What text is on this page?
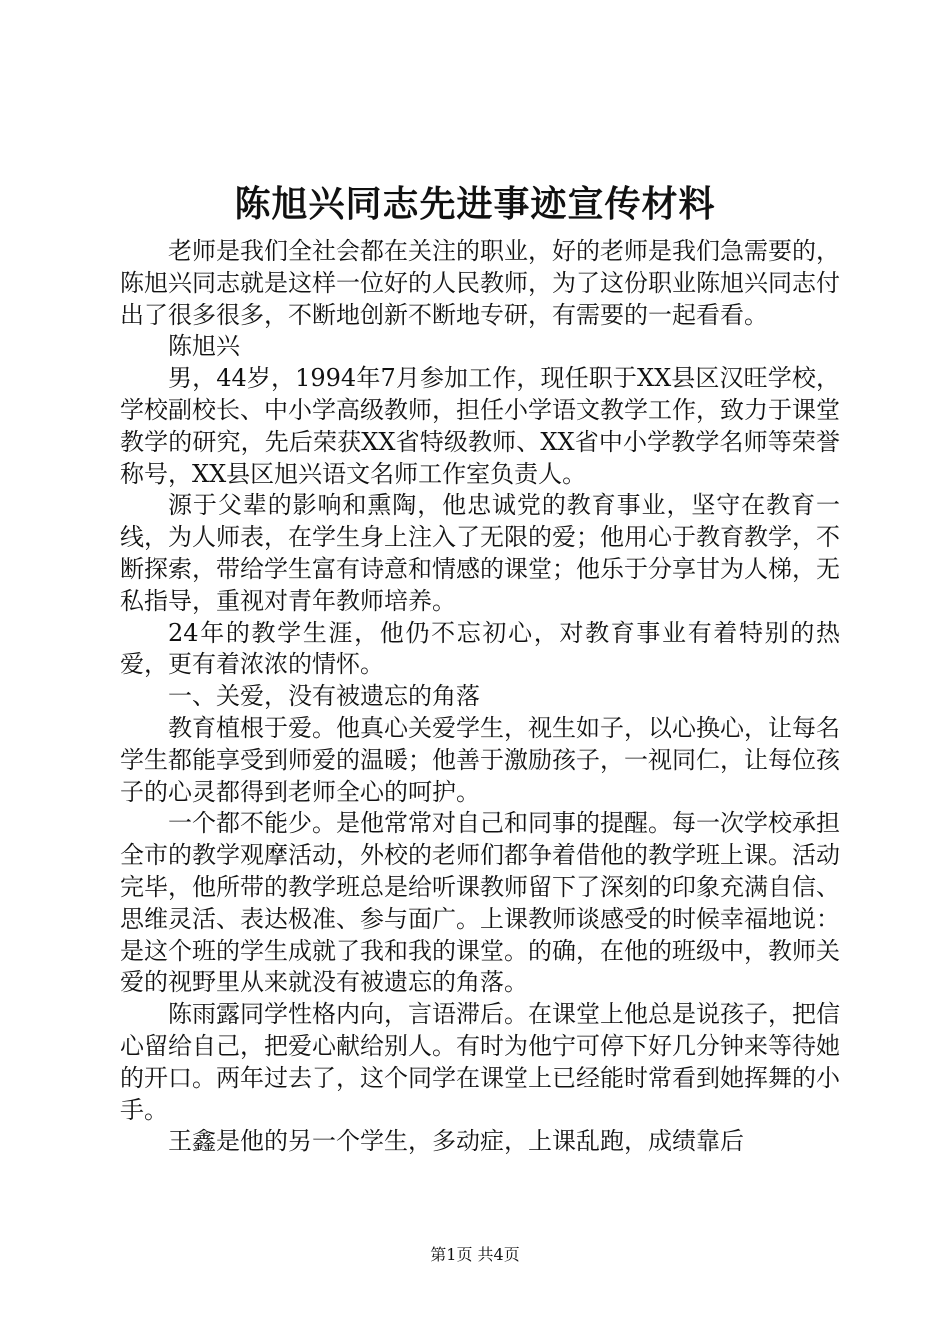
陈旭兴同志先进事迹宣传材料

老师是我们全社会都在关注的职业，好的老师是我们急需要的，陈旭兴同志就是这样一位好的人民教师，为了这份职业陈旭兴同志付出了很多很多，不断地创新不断地专研，有需要的一起看看。

陈旭兴

男，44岁，1994年7月参加工作，现任职于XX县区汉旺学校，学校副校长、中小学高级教师，担任小学语文教学工作，致力于课堂教学的研究，先后荣获XX省特级教师、XX省中小学教学名师等荣誉称号，XX县区旭兴语文名师工作室负责人。

源于父辈的影响和熏陶，他忠诚党的教育事业，坚守在教育一线，为人师表，在学生身上注入了无限的爱；他用心于教育教学，不断探索，带给学生富有诗意和情感的课堂；他乐于分享甘为人梯，无私指导，重视对青年教师培养。

24年的教学生涯，他仍不忘初心，对教育事业有着特别的热爱，更有着浓浓的情怀。

一、关爱，没有被遗忘的角落

教育植根于爱。他真心关爱学生，视生如子，以心换心，让每名学生都能享受到师爱的温暖；他善于激励孩子，一视同仁，让每位孩子的心灵都得到老师全心的呵护。

一个都不能少。是他常常对自己和同事的提醒。每一次学校承担全市的教学观摩活动，外校的老师们都争着借他的教学班上课。活动完毕，他所带的教学班总是给听课教师留下了深刻的印象充满自信、思维灵活、表达极准、参与面广。上课教师谈感受的时候幸福地说：是这个班的学生成就了我和我的课堂。的确，在他的班级中，教师关爱的视野里从来就没有被遗忘的角落。

陈雨露同学性格内向，言语滞后。在课堂上他总是说孩子，把信心留给自己，把爱心献给别人。有时为他宁可停下好几分钟来等待她的开口。两年过去了，这个同学在课堂上已经能时常看到她挥舞的小手。

王鑫是他的另一个学生，多动症，上课乱跑，成绩靠后

第1页 共4页
